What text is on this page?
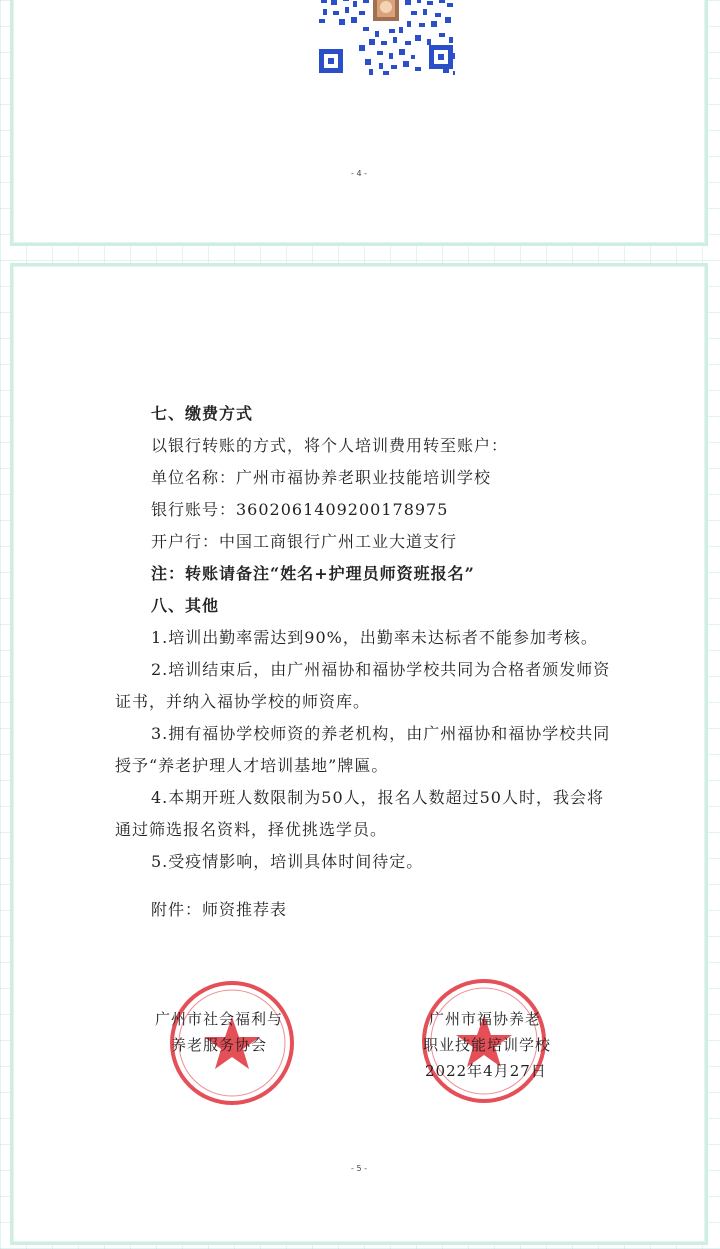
- 4 -

七、缴费方式

以银行转账的方式，将个人培训费用转至账户：

单位名称：广州市福协养老职业技能培训学校

银行账号：3602061409200178975

开户行：中国工商银行广州工业大道支行

注：转账请备注“姓名+护理员师资班报名”

八、其他

1.培训出勤率需达到90%，出勤率未达标者不能参加考核。

2.培训结束后，由广州福协和福协学校共同为合格者颁发师资证书，并纳入福协学校的师资库。

3.拥有福协学校师资的养老机构，由广州福协和福协学校共同授予“养老护理人才培训基地”牌匾。

4.本期开班人数限制为50人，报名人数超过50人时，我会将通过筛选报名资料，择优挑选学员。

5.受疫情影响，培训具体时间待定。

附件：师资推荐表

广州市社会福利与
养老服务协会
广州市福协养老
职业技能培训学校
2022年4月27日
- 5 -
